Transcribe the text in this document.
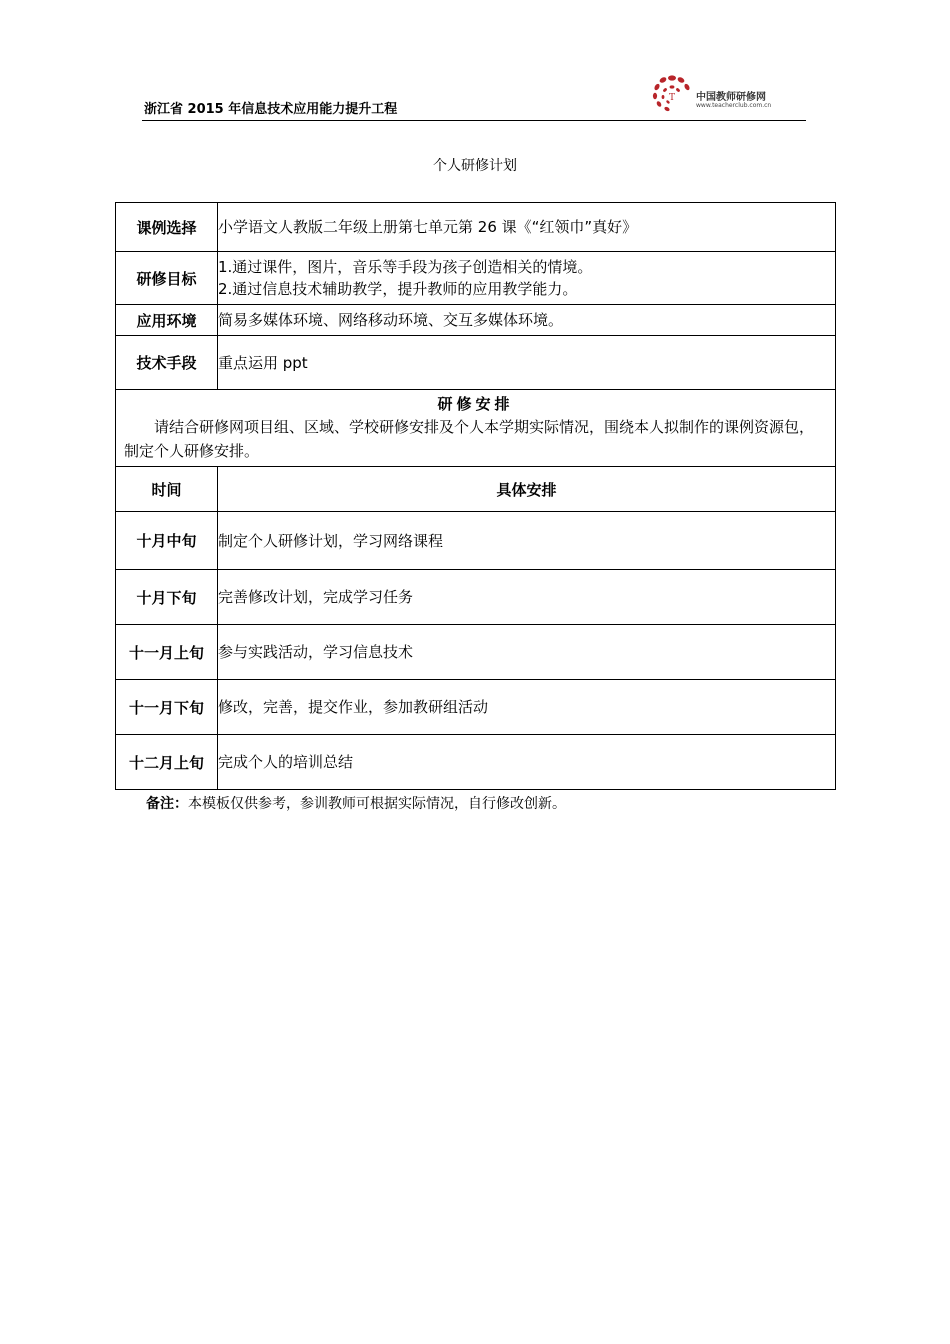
浙江省 2015 年信息技术应用能力提升工程
T 中国教师研修网
www.teacherclub.com.cn
个人研修计划
课例选择	小学语文人教版二年级上册第七单元第 26 课《“红领巾”真好》
研修目标	1.通过课件，图片，音乐等手段为孩子创造相关的情境。
2.通过信息技术辅助教学，提升教师的应用教学能力。

应用环境	简易多媒体环境、网络移动环境、交互多媒体环境。
技术手段	重点运用 ppt

研修安排
请结合研修网项目组、区域、学校研修安排及个人本学期实际情况，围绕本人拟制作的课例资源包，制定个人研修安排。	

时间	具体安排
十月中旬	制定个人研修计划，学习网络课程
十月下旬	完善修改计划，完成学习任务
十一月上旬	参与实践活动，学习信息技术
十一月下旬	修改，完善，提交作业，参加教研组活动
十二月上旬	完成个人的培训总结
备注：本模板仅供参考，参训教师可根据实际情况，自行修改创新。
